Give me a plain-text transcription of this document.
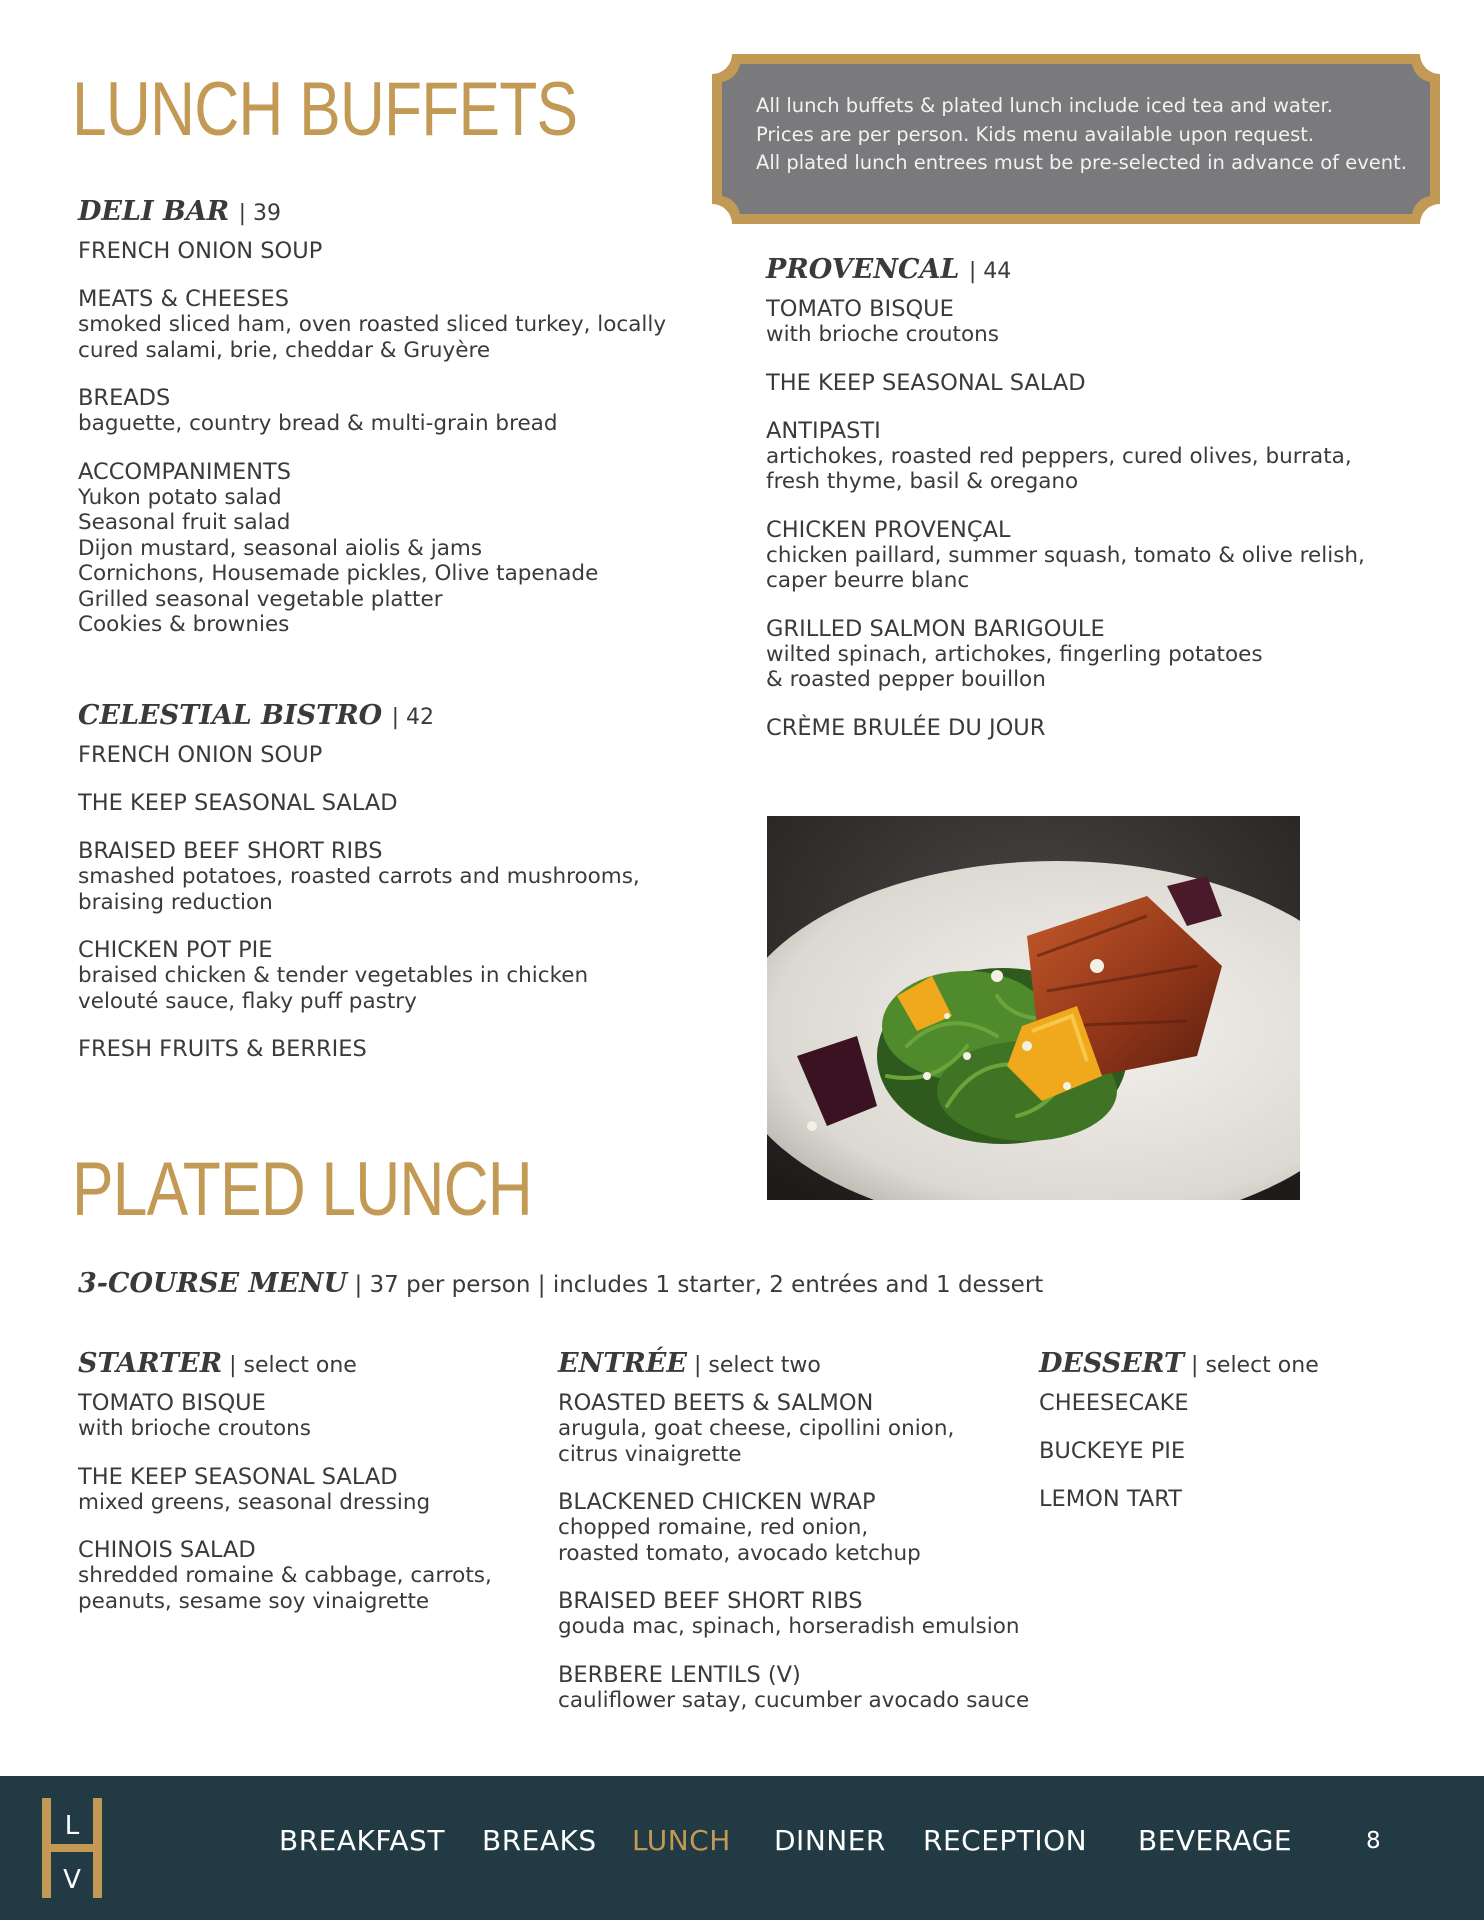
LUNCH BUFFETS	All lunch buffets & plated lunch include iced tea and water.
Prices are per person. Kids menu available upon request.
All plated lunch entrees must be pre-selected in advance of event.
DELI BAR | 39
FRENCH ONION SOUP
MEATS & CHEESES
smoked sliced ham, oven roasted sliced turkey, locally
cured salami, brie, cheddar & Gruyère
BREADS
baguette, country bread & multi-grain bread
ACCOMPANIMENTS
Yukon potato salad
Seasonal fruit salad
Dijon mustard, seasonal aiolis & jams
Cornichons, Housemade pickles, Olive tapenade
Grilled seasonal vegetable platter
Cookies & brownies
CELESTIAL BISTRO | 42
FRENCH ONION SOUP
THE KEEP SEASONAL SALAD
BRAISED BEEF SHORT RIBS
smashed potatoes, roasted carrots and mushrooms,
braising reduction
CHICKEN POT PIE
braised chicken & tender vegetables in chicken
velouté sauce, flaky puff pastry
FRESH FRUITS & BERRIES
PROVENCAL | 44
TOMATO BISQUE
with brioche croutons
THE KEEP SEASONAL SALAD
ANTIPASTI
artichokes, roasted red peppers, cured olives, burrata,
fresh thyme, basil & oregano
CHICKEN PROVENÇAL
chicken paillard, summer squash, tomato & olive relish,
caper beurre blanc
GRILLED SALMON BARIGOULE
wilted spinach, artichokes, fingerling potatoes
& roasted pepper bouillon
CRÈME BRULÉE DU JOUR
PLATED LUNCH
3-COURSE MENU | 37 per person | includes 1 starter, 2 entrées and 1 dessert
STARTER | select one
TOMATO BISQUE
with brioche croutons
THE KEEP SEASONAL SALAD
mixed greens, seasonal dressing
CHINOIS SALAD
shredded romaine & cabbage, carrots,
peanuts, sesame soy vinaigrette
ENTRÉE | select two
ROASTED BEETS & SALMON
arugula, goat cheese, cipollini onion,
citrus vinaigrette
BLACKENED CHICKEN WRAP
chopped romaine, red onion,
roasted tomato, avocado ketchup
BRAISED BEEF SHORT RIBS
gouda mac, spinach, horseradish emulsion
BERBERE LENTILS (V)
cauliflower satay, cucumber avocado sauce
DESSERT | select one
CHEESECAKE
BUCKEYE PIE
LEMON TART
L
V
BREAKFAST BREAKS LUNCH DINNER RECEPTION BEVERAGE	8
